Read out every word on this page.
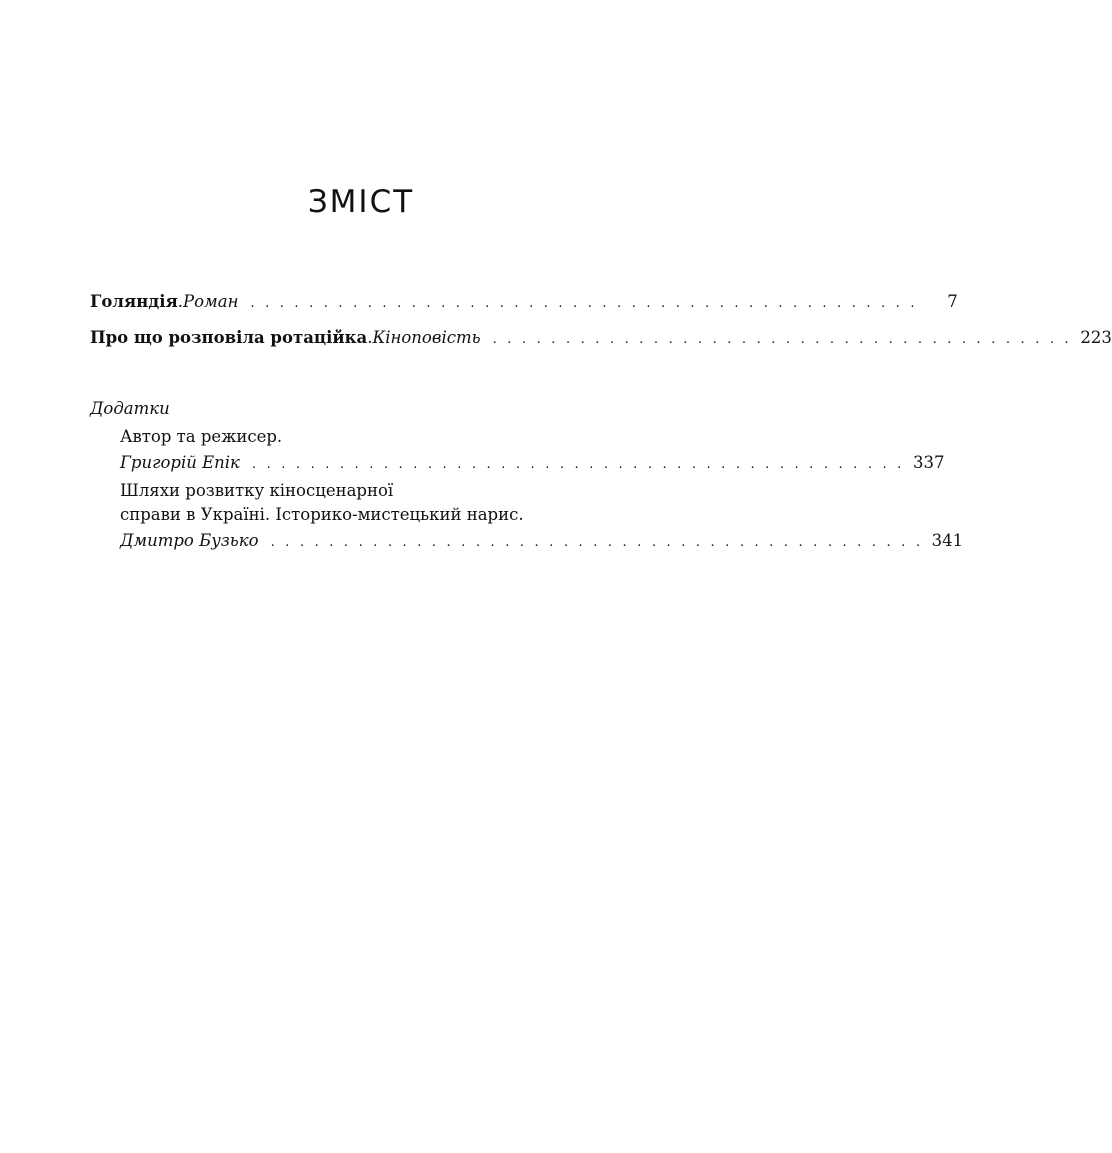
ЗМІСТ
Голяндія . Роман . . . . . . . . . . . . . . . . . . . . . . . . . . . . . . . . . . . . . . . . . . . . . .	7
Про що розповіла ротаційка . Кіноповість . . . . . . . . . . . . . . . . . . . . . . . . . . . . . . . . . . . . . . . . 223
Додатки
Автор та режисер.
Григорій Епік . . . . . . . . . . . . . . . . . . . . . . . . . . . . . . . . . . . . . . . . . . . . . 337
Шляхи розвитку кіносценарної
справи в Україні. Історико-мистецький нарис.
Дмитро Бузько . . . . . . . . . . . . . . . . . . . . . . . . . . . . . . . . . . . . . . . . . . . . . 341
